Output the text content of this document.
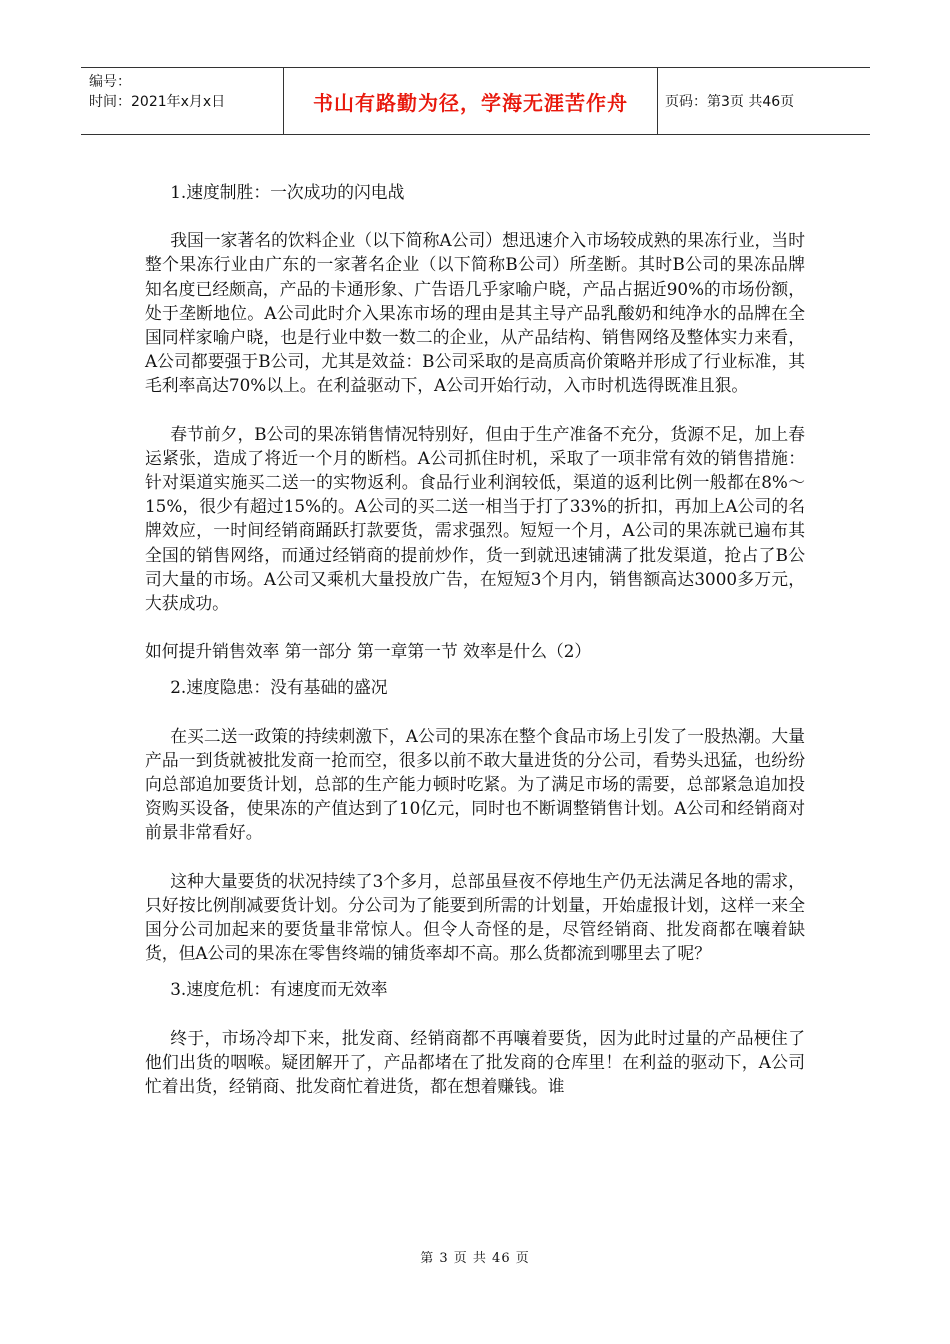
编号：
时间：2021年x月x日	书山有路勤为径，学海无涯苦作舟	页码：第3页 共46页

1.速度制胜：一次成功的闪电战

我国一家著名的饮料企业（以下简称A公司）想迅速介入市场较成熟的果冻行业，当时整个果冻行业由广东的一家著名企业（以下简称B公司）所垄断。其时B公司的果冻品牌知名度已经颇高，产品的卡通形象、广告语几乎家喻户晓，产品占据近90%的市场份额，处于垄断地位。A公司此时介入果冻市场的理由是其主导产品乳酸奶和纯净水的品牌在全国同样家喻户晓，也是行业中数一数二的企业，从产品结构、销售网络及整体实力来看，A公司都要强于B公司，尤其是效益：B公司采取的是高质高价策略并形成了行业标准，其毛利率高达70%以上。在利益驱动下，A公司开始行动，入市时机选得既准且狠。

春节前夕，B公司的果冻销售情况特别好，但由于生产准备不充分，货源不足，加上春运紧张，造成了将近一个月的断档。A公司抓住时机，采取了一项非常有效的销售措施：针对渠道实施买二送一的实物返利。食品行业利润较低，渠道的返利比例一般都在8%～15%，很少有超过15%的。A公司的买二送一相当于打了33%的折扣，再加上A公司的名牌效应，一时间经销商踊跃打款要货，需求强烈。短短一个月，A公司的果冻就已遍布其全国的销售网络，而通过经销商的提前炒作，货一到就迅速铺满了批发渠道，抢占了B公司大量的市场。A公司又乘机大量投放广告，在短短3个月内，销售额高达3000多万元，大获成功。

如何提升销售效率 第一部分 第一章第一节 效率是什么（2）

2.速度隐患：没有基础的盛况

在买二送一政策的持续刺激下，A公司的果冻在整个食品市场上引发了一股热潮。大量产品一到货就被批发商一抢而空，很多以前不敢大量进货的分公司，看势头迅猛，也纷纷向总部追加要货计划，总部的生产能力顿时吃紧。为了满足市场的需要，总部紧急追加投资购买设备，使果冻的产值达到了10亿元，同时也不断调整销售计划。A公司和经销商对前景非常看好。

这种大量要货的状况持续了3个多月，总部虽昼夜不停地生产仍无法满足各地的需求，只好按比例削减要货计划。分公司为了能要到所需的计划量，开始虚报计划，这样一来全国分公司加起来的要货量非常惊人。但令人奇怪的是，尽管经销商、批发商都在嚷着缺货，但A公司的果冻在零售终端的铺货率却不高。那么货都流到哪里去了呢？

3.速度危机：有速度而无效率

终于，市场冷却下来，批发商、经销商都不再嚷着要货，因为此时过量的产品梗住了他们出货的咽喉。疑团解开了，产品都堵在了批发商的仓库里！在利益的驱动下，A公司忙着出货，经销商、批发商忙着进货，都在想着赚钱。谁

第 3 页 共 46 页
